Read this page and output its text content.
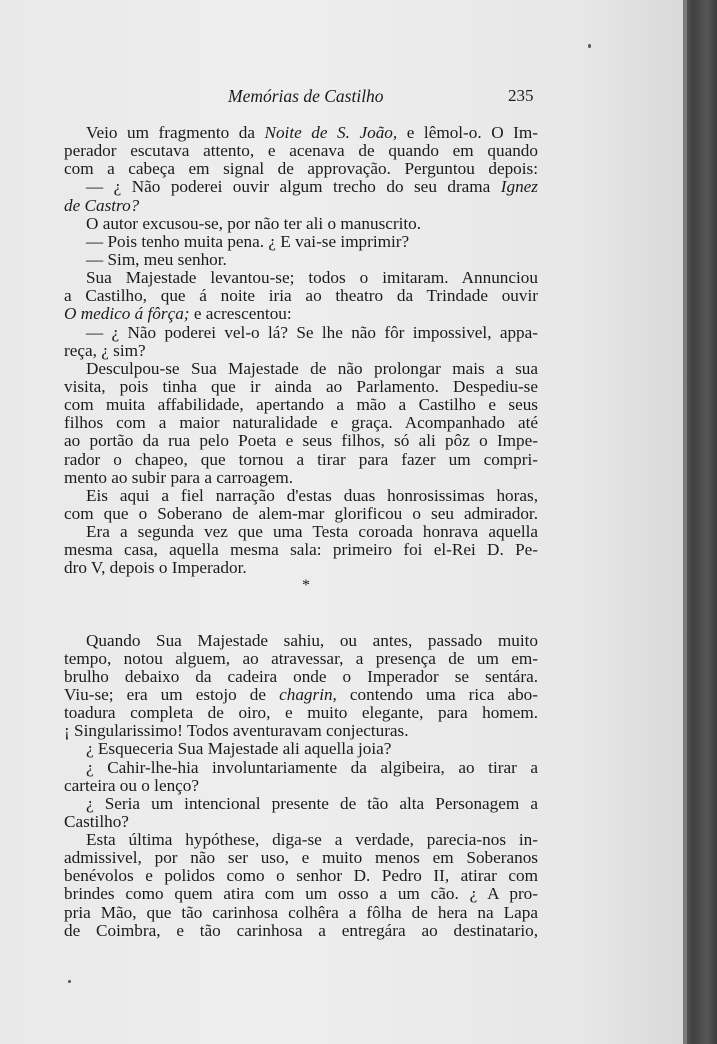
Memórias de Castilho	235
Veio um fragmento da Noite de S. João, e lêmol-o. O Im-
perador escutava attento, e acenava de quando em quando
com a cabeça em signal de approvação. Perguntou depois:
— ¿ Não poderei ouvir algum trecho do seu drama Ignez
de Castro?
O autor excusou-se, por não ter ali o manuscrito.
— Pois tenho muita pena. ¿ E vai-se imprimir?
— Sim, meu senhor.
Sua Majestade levantou-se; todos o imitaram. Annunciou
a Castilho, que á noite iria ao theatro da Trindade ouvir
O medico á fôrça; e acrescentou:
— ¿ Não poderei vel-o lá? Se lhe não fôr impossivel, appa-
reça, ¿ sim?
Desculpou-se Sua Majestade de não prolongar mais a sua
visita, pois tinha que ir ainda ao Parlamento. Despediu-se
com muita affabilidade, apertando a mão a Castilho e seus
filhos com a maior naturalidade e graça. Acompanhado até
ao portão da rua pelo Poeta e seus filhos, só ali pôz o Impe-
rador o chapeo, que tornou a tirar para fazer um compri-
mento ao subir para a carroagem.
Eis aqui a fiel narração d'estas duas honrosissimas horas,
com que o Soberano de alem-mar glorificou o seu admirador.
Era a segunda vez que uma Testa coroada honrava aquella
mesma casa, aquella mesma sala: primeiro foi el-Rei D. Pe-
dro V, depois o Imperador.
*
Quando Sua Majestade sahiu, ou antes, passado muito
tempo, notou alguem, ao atravessar, a presença de um em-
brulho debaixo da cadeira onde o Imperador se sentára.
Viu-se; era um estojo de chagrin, contendo uma rica abo-
toadura completa de oiro, e muito elegante, para homem.
¡ Singularissimo! Todos aventuravam conjecturas.
¿ Esqueceria Sua Majestade ali aquella joia?
¿ Cahir-lhe-hia involuntariamente da algibeira, ao tirar a
carteira ou o lenço?
¿ Seria um intencional presente de tão alta Personagem a
Castilho?
Esta última hypóthese, diga-se a verdade, parecia-nos in-
admissivel, por não ser uso, e muito menos em Soberanos
benévolos e polidos como o senhor D. Pedro II, atirar com
brindes como quem atira com um osso a um cão. ¿ A pro-
pria Mão, que tão carinhosa colhêra a fôlha de hera na Lapa
de Coimbra, e tão carinhosa a entregára ao destinatario,
